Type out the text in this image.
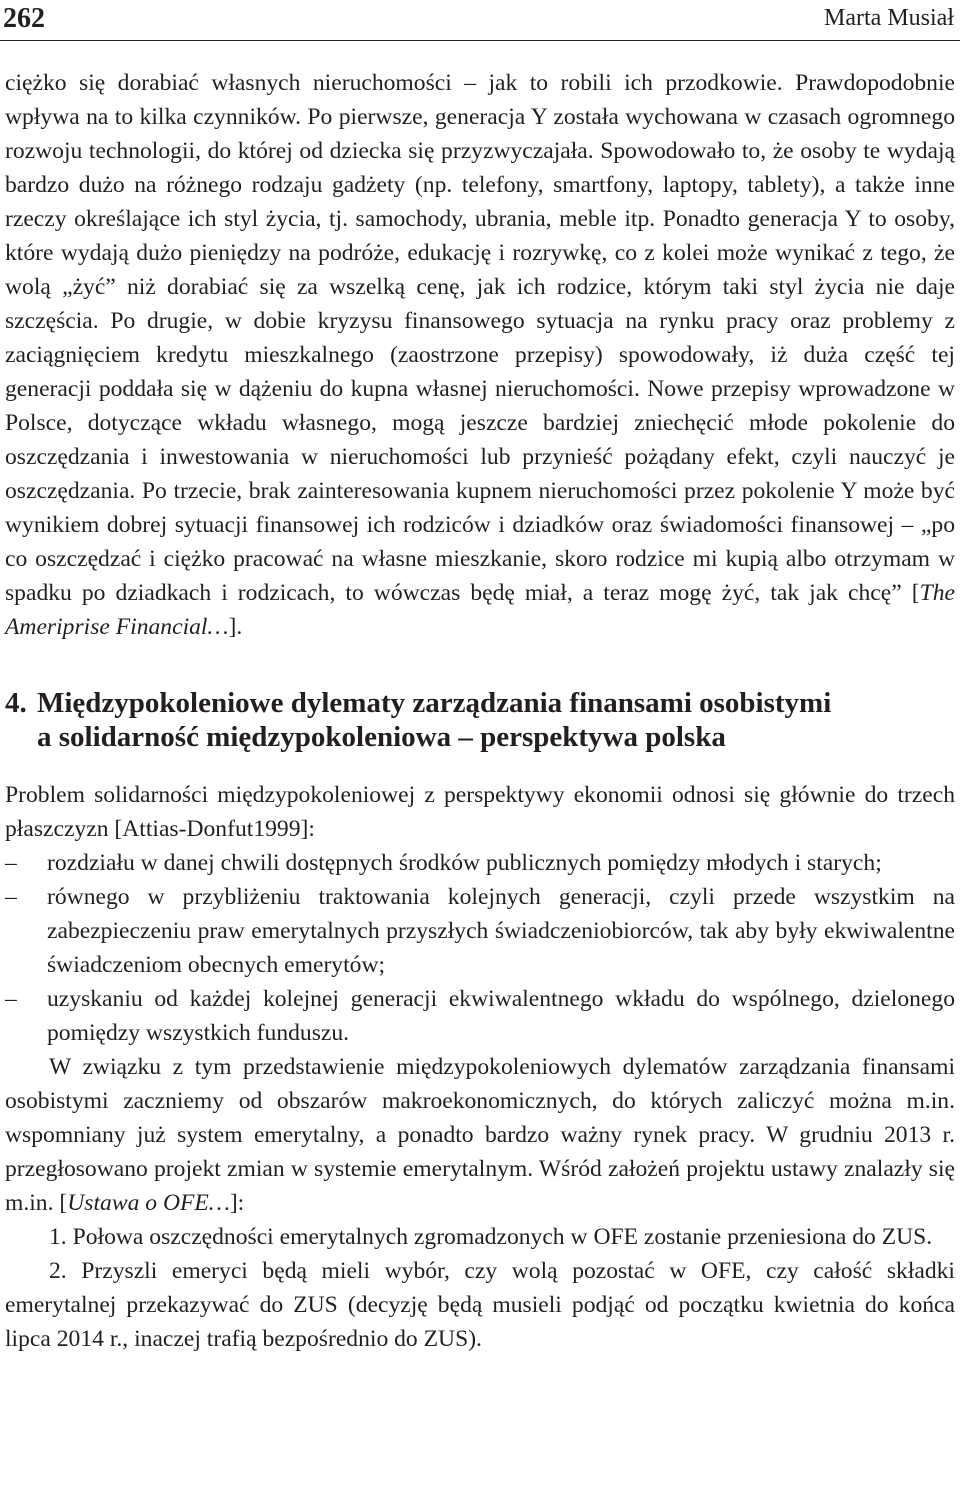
262	Marta Musiał

ciężko się dorabiać własnych nieruchomości – jak to robili ich przodkowie. Prawdopodobnie wpływa na to kilka czynników. Po pierwsze, generacja Y została wychowana w czasach ogromnego rozwoju technologii, do której od dziecka się przyzwyczajała. Spowodowało to, że osoby te wydają bardzo dużo na różnego rodzaju gadżety (np. telefony, smartfony, laptopy, tablety), a także inne rzeczy określające ich styl życia, tj. samochody, ubrania, meble itp. Ponadto generacja Y to osoby, które wydają dużo pieniędzy na podróże, edukację i rozrywkę, co z kolei może wynikać z tego, że wolą „żyć” niż dorabiać się za wszelką cenę, jak ich rodzice, którym taki styl życia nie daje szczęścia. Po drugie, w dobie kryzysu finansowego sytuacja na rynku pracy oraz problemy z zaciągnięciem kredytu mieszkalnego (zaostrzone przepisy) spowodowały, iż duża część tej generacji poddała się w dążeniu do kupna własnej nieruchomości. Nowe przepisy wprowadzone w Polsce, dotyczące wkładu własnego, mogą jeszcze bardziej zniechęcić młode pokolenie do oszczędzania i inwestowania w nieruchomości lub przynieść pożądany efekt, czyli nauczyć je oszczędzania. Po trzecie, brak zainteresowania kupnem nieruchomości przez pokolenie Y może być wynikiem dobrej sytuacji finansowej ich rodziców i dziadków oraz świadomości finansowej – „po co oszczędzać i ciężko pracować na własne mieszkanie, skoro rodzice mi kupią albo otrzymam w spadku po dziadkach i rodzicach, to wówczas będę miał, a teraz mogę żyć, tak jak chcę” [The Ameriprise Financial…].

4. Międzypokoleniowe dylematy zarządzania finansami osobistymi
a solidarność międzypokoleniowa – perspektywa polska

Problem solidarności międzypokoleniowej z perspektywy ekonomii odnosi się głównie do trzech płaszczyzn [Attias-Donfut1999]:

– rozdziału w danej chwili dostępnych środków publicznych pomiędzy młodych i starych;
– równego w przybliżeniu traktowania kolejnych generacji, czyli przede wszystkim na zabezpieczeniu praw emerytalnych przyszłych świadczeniobiorców, tak aby były ekwiwalentne świadczeniom obecnych emerytów;
– uzyskaniu od każdej kolejnej generacji ekwiwalentnego wkładu do wspólnego, dzielonego pomiędzy wszystkich funduszu.

W związku z tym przedstawienie międzypokoleniowych dylematów zarządzania finansami osobistymi zaczniemy od obszarów makroekonomicznych, do których zaliczyć można m.in. wspomniany już system emerytalny, a ponadto bardzo ważny rynek pracy. W grudniu 2013 r. przegłosowano projekt zmian w systemie emerytalnym. Wśród założeń projektu ustawy znalazły się m.in. [Ustawa o OFE…]:

1. Połowa oszczędności emerytalnych zgromadzonych w OFE zostanie przeniesiona do ZUS.

2. Przyszli emeryci będą mieli wybór, czy wolą pozostać w OFE, czy całość składki emerytalnej przekazywać do ZUS (decyzję będą musieli podjąć od początku kwietnia do końca lipca 2014 r., inaczej trafią bezpośrednio do ZUS).
